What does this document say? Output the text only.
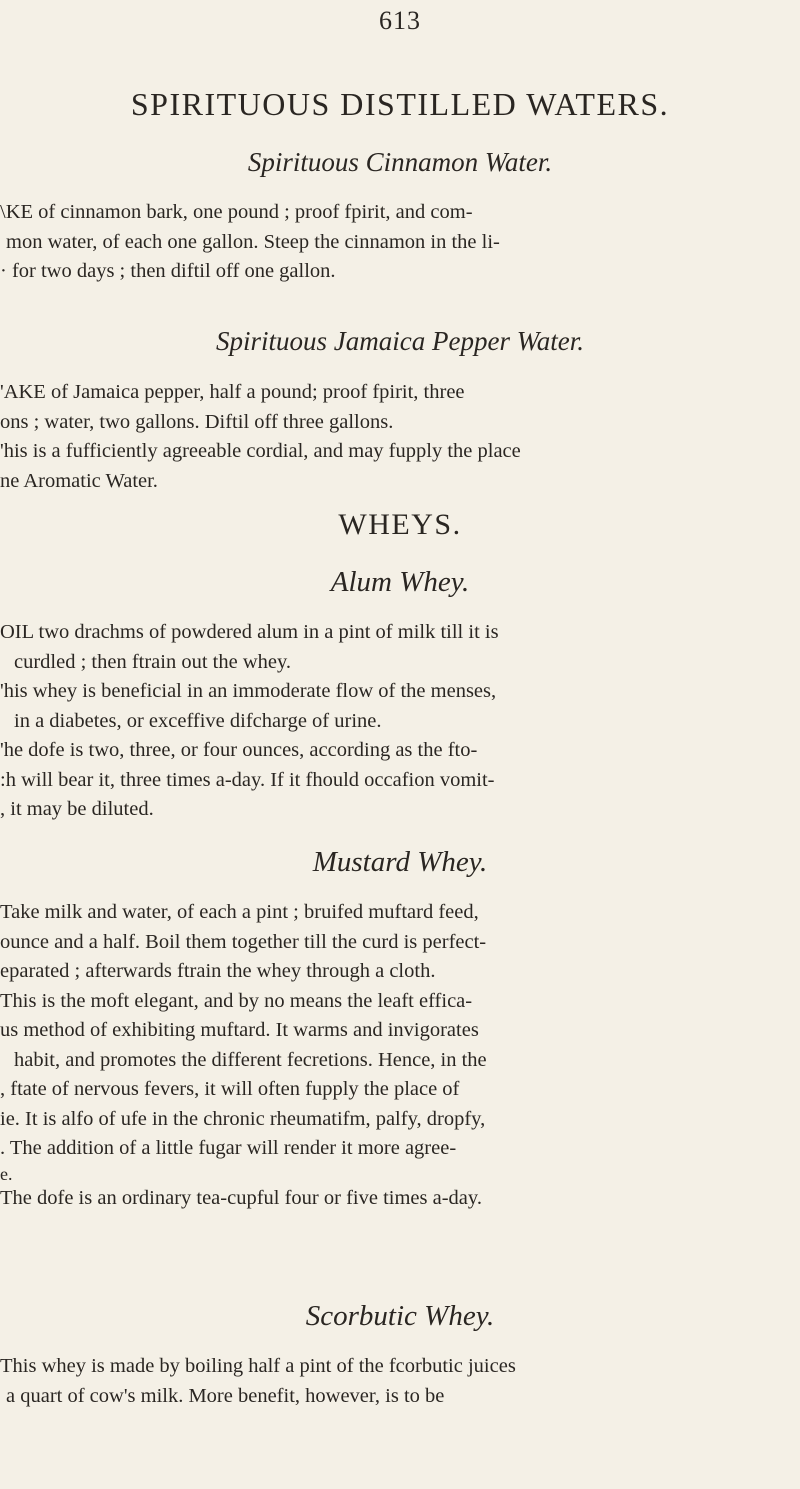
613
SPIRITUOUS DISTILLED WATERS.
Spirituous Cinnamon Water.
\KE of cinnamon bark, one pound ; proof fpirit, and com-
mon water, of each one gallon. Steep the cinnamon in the li-
· for two days ; then diftil off one gallon.
Spirituous Jamaica Pepper Water.
'AKE of Jamaica pepper, half a pound; proof fpirit, three
ons ; water, two gallons. Diftil off three gallons.
'his is a fufficiently agreeable cordial, and may fupply the place
ne Aromatic Water.
WHEYS.
Alum Whey.
OIL two drachms of powdered alum in a pint of milk till it is
curdled ; then ftrain out the whey.
'his whey is beneficial in an immoderate flow of the menses,
in a diabetes, or exceffive difcharge of urine.
'he dofe is two, three, or four ounces, according as the fto-
:h will bear it, three times a-day. If it fhould occafion vomit-
, it may be diluted.
Mustard Whey.
Take milk and water, of each a pint ; bruifed muftard feed,
ounce and a half. Boil them together till the curd is perfect-
eparated ; afterwards ftrain the whey through a cloth.
This is the moft elegant, and by no means the leaft effica-
us method of exhibiting muftard. It warms and invigorates
habit, and promotes the different fecretions. Hence, in the
, ftate of nervous fevers, it will often fupply the place of
ie. It is alfo of ufe in the chronic rheumatifm, palfy, dropfy,
. The addition of a little fugar will render it more agree-
e.
The dofe is an ordinary tea-cupful four or five times a-day.
Scorbutic Whey.
This whey is made by boiling half a pint of the fcorbutic juices
a quart of cow's milk. More benefit, however, is to be
